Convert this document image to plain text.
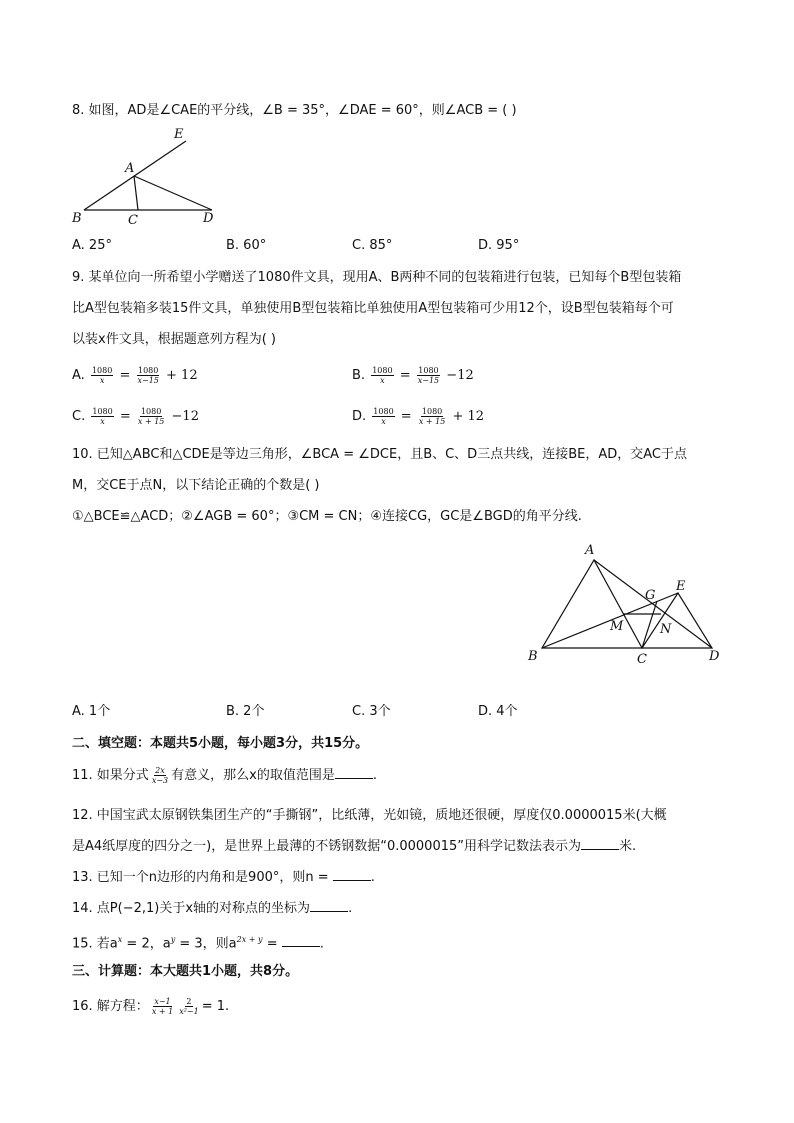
8. 如图，AD是∠CAE的平分线，∠B = 35°，∠DAE = 60°，则∠ACB = ( )
E
A
B	C	D
A. 25°	B. 60°	C. 85°	D. 95°
9. 某单位向一所希望小学赠送了1080件文具，现用A、B两种不同的包装箱进行包装，已知每个B型包装箱
比A型包装箱多装15件文具，单独使用B型包装箱比单独使用A型包装箱可少用12个，设B型包装箱每个可
以装x件文具，根据题意列方程为( )
A. $\frac{1080}{x} = \frac{1080}{x-15} + 12$	B. $\frac{1080}{x} = \frac{1080}{x-15} -12$
C. $\frac{1080}{x} = \frac{1080}{x + 15} -12$	D. $\frac{1080}{x} = \frac{1080}{x + 15} + 12$
10. 已知△ABC和△CDE是等边三角形，∠BCA = ∠DCE，且B、C、D三点共线，连接BE，AD，交AC于点
M，交CE于点N，以下结论正确的个数是( )
①△BCE≌△ACD；②∠AGB = 60°；③CM = CN；④连接CG，GC是∠BGD的角平分线.
A
E
G
M	N
B	C	D
A. 1个	B. 2个	C. 3个	D. 4个
二、填空题：本题共5小题，每小题3分，共15分。
11. 如果分式 $\frac{2x}{x-3}$ 有意义，那么x的取值范围是	.
12. 中国宝武太原钢铁集团生产的“手撕钢”，比纸薄，光如镜，质地还很硬，厚度仅0.0000015米(大概
是A4纸厚度的四分之一)，是世界上最薄的不锈钢数据“0.0000015”用科学记数法表示为	米.
13. 已知一个n边形的内角和是900°，则n =	.
14. 点P(−2,1)关于x轴的对称点的坐标为	.
15. 若$a^x = 2$，$a^y = 3$，则$a^{2x + y}$ =	.
三、计算题：本大题共1小题，共8分。
16. 解方程： $\frac{x-1}{x + 1} \frac{2}{\text{x²−1}} = 1$.
